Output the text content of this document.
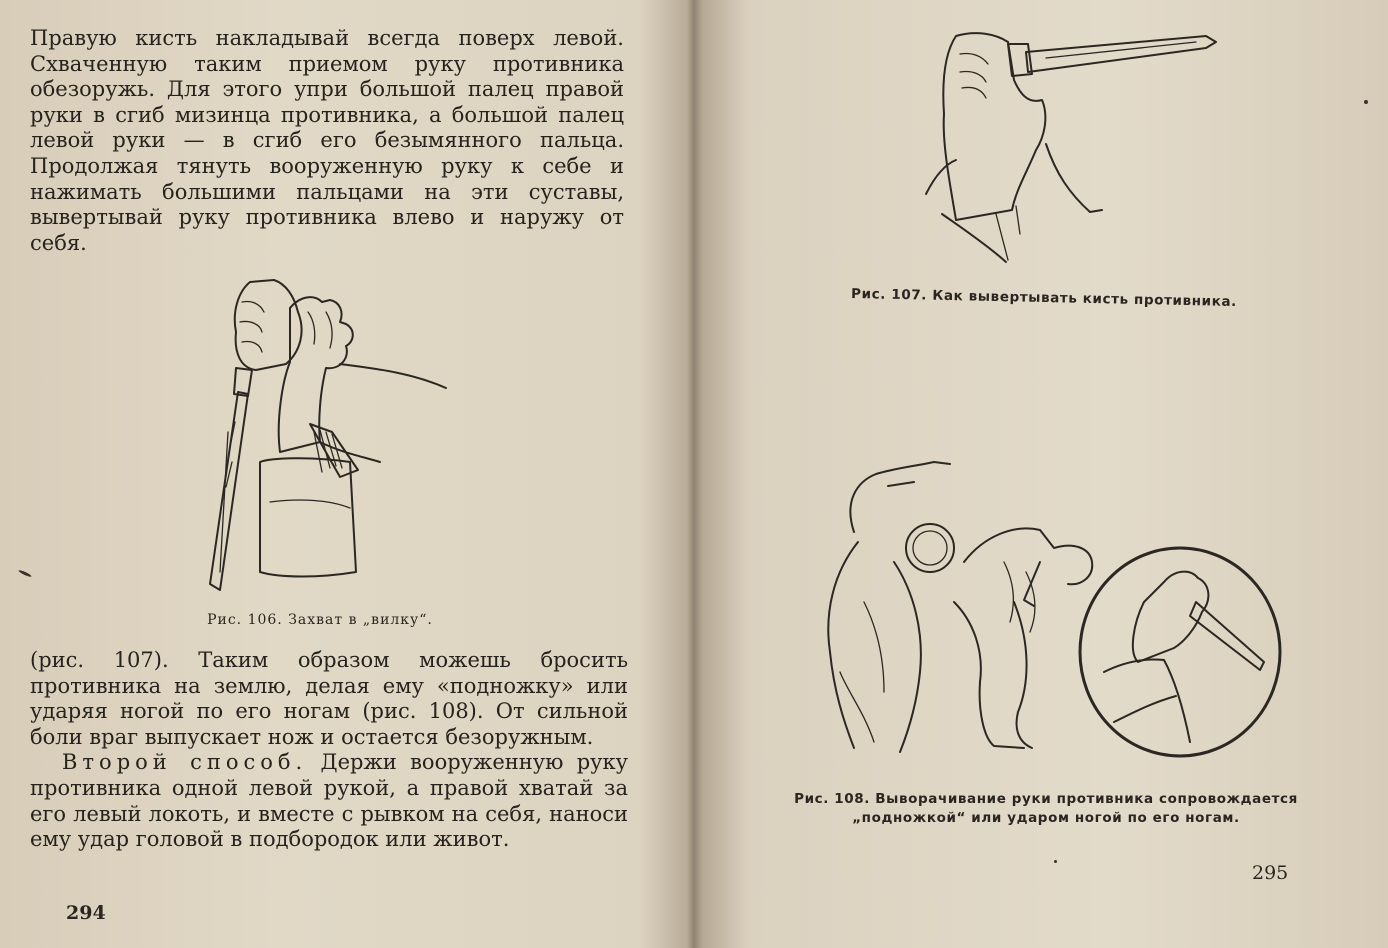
Правую кисть накладывай всегда поверх левой. Схваченную таким приемом руку противника обезоружь. Для этого упри большой палец правой руки в сгиб мизинца противника, а большой палец левой руки — в сгиб его безымянного пальца. Продолжая тянуть вооруженную руку к себе и нажимать большими пальцами на эти суставы, вывертывай руку противника влево и наружу от себя.

Рис. 106. Захват в „вилку“.

(рис. 107). Таким образом можешь бросить противника на землю, делая ему «подножку» или ударяя ногой по его ногам (рис. 108). От сильной боли враг выпускает нож и остается безоружным.

Второй способ. Держи вооруженную руку противника одной левой рукой, а правой хватай за его левый локоть, и вместе с рывком на себя, наноси ему удар головой в подбородок или живот.

294

Рис. 107. Как вывертывать кисть противника.

Рис. 108. Выворачивание руки противника сопровождается „подножкой“ или ударом ногой по его ногам.

295
